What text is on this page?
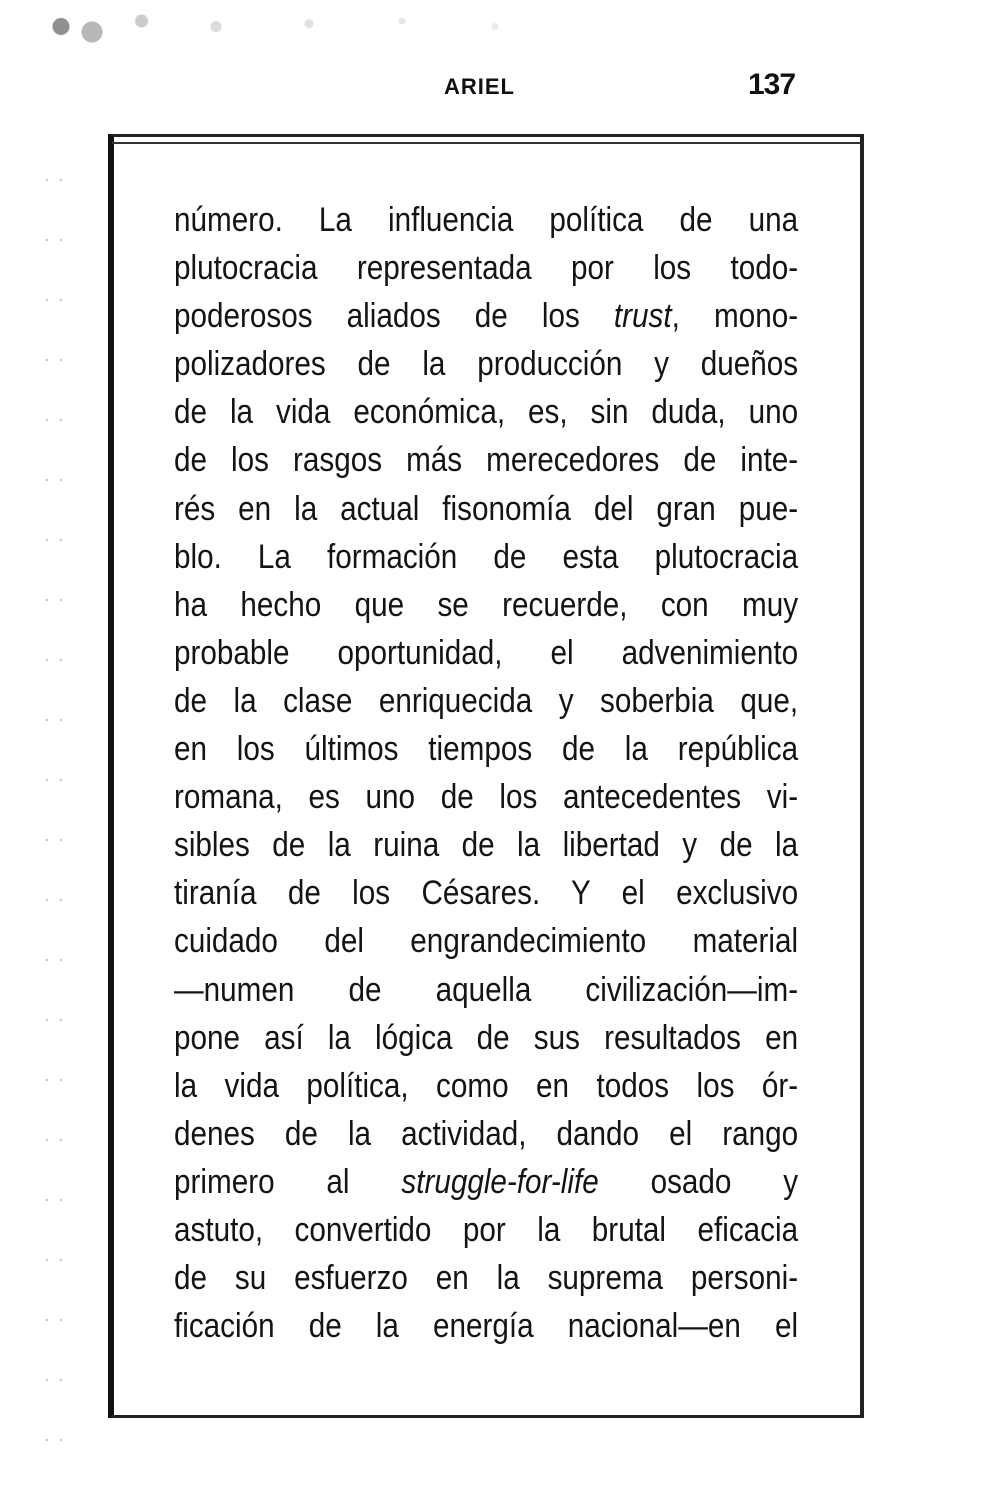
ARIEL	137
número. La influencia política de una
plutocracia representada por los todo-
poderosos aliados de los trust, mono-
polizadores de la producción y dueños
de la vida económica, es, sin duda, uno
de los rasgos más merecedores de inte-
rés en la actual fisonomía del gran pue-
blo. La formación de esta plutocracia
ha hecho que se recuerde, con muy
probable oportunidad, el advenimiento
de la clase enriquecida y soberbia que,
en los últimos tiempos de la república
romana, es uno de los antecedentes vi-
sibles de la ruina de la libertad y de la
tiranía de los Césares. Y el exclusivo
cuidado del engrandecimiento material
—numen de aquella civilización—im-
pone así la lógica de sus resultados en
la vida política, como en todos los ór-
denes de la actividad, dando el rango
primero al struggle-for-life osado y
astuto, convertido por la brutal eficacia
de su esfuerzo en la suprema personi-
ficación de la energía nacional—en el
